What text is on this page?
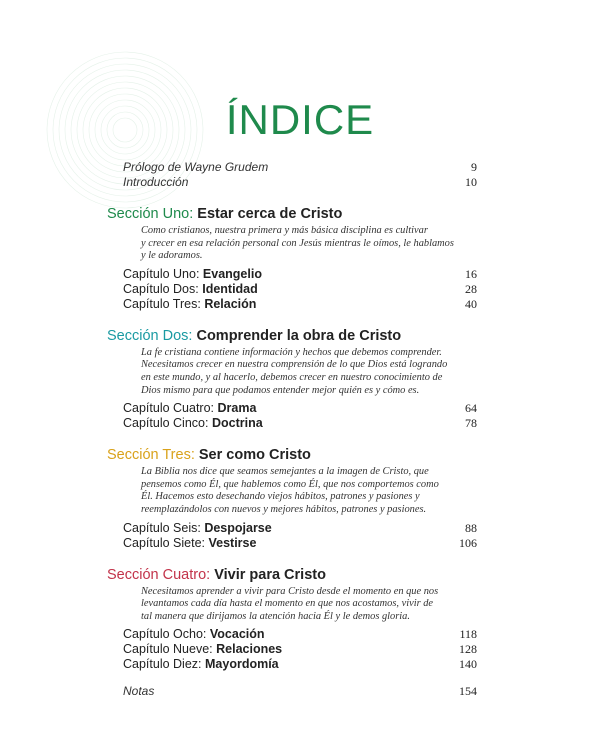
ÍNDICE
Prólogo de Wayne Grudem	9
Introducción	10
Sección Uno: Estar cerca de Cristo
Como cristianos, nuestra primera y más básica disciplina es cultivar
y crecer en esa relación personal con Jesús mientras le oímos, le hablamos
y le adoramos.
Capítulo Uno: Evangelio	16
Capítulo Dos: Identidad	28
Capítulo Tres: Relación	40
Sección Dos: Comprender la obra de Cristo
La fe cristiana contiene información y hechos que debemos comprender.
Necesitamos crecer en nuestra comprensión de lo que Dios está logrando
en este mundo, y al hacerlo, debemos crecer en nuestro conocimiento de
Dios mismo para que podamos entender mejor quién es y cómo es.
Capítulo Cuatro: Drama	64
Capítulo Cinco: Doctrina	78
Sección Tres: Ser como Cristo
La Biblia nos dice que seamos semejantes a la imagen de Cristo, que
pensemos como Él, que hablemos como Él, que nos comportemos como
Él. Hacemos esto desechando viejos hábitos, patrones y pasiones y
reemplazándolos con nuevos y mejores hábitos, patrones y pasiones.
Capítulo Seis: Despojarse	88
Capítulo Siete: Vestirse	106
Sección Cuatro: Vivir para Cristo
Necesitamos aprender a vivir para Cristo desde el momento en que nos
levantamos cada día hasta el momento en que nos acostamos, vivir de
tal manera que dirijamos la atención hacia Él y le demos gloria.
Capítulo Ocho: Vocación	118
Capítulo Nueve: Relaciones	128
Capítulo Diez: Mayordomía	140
Notas	154
